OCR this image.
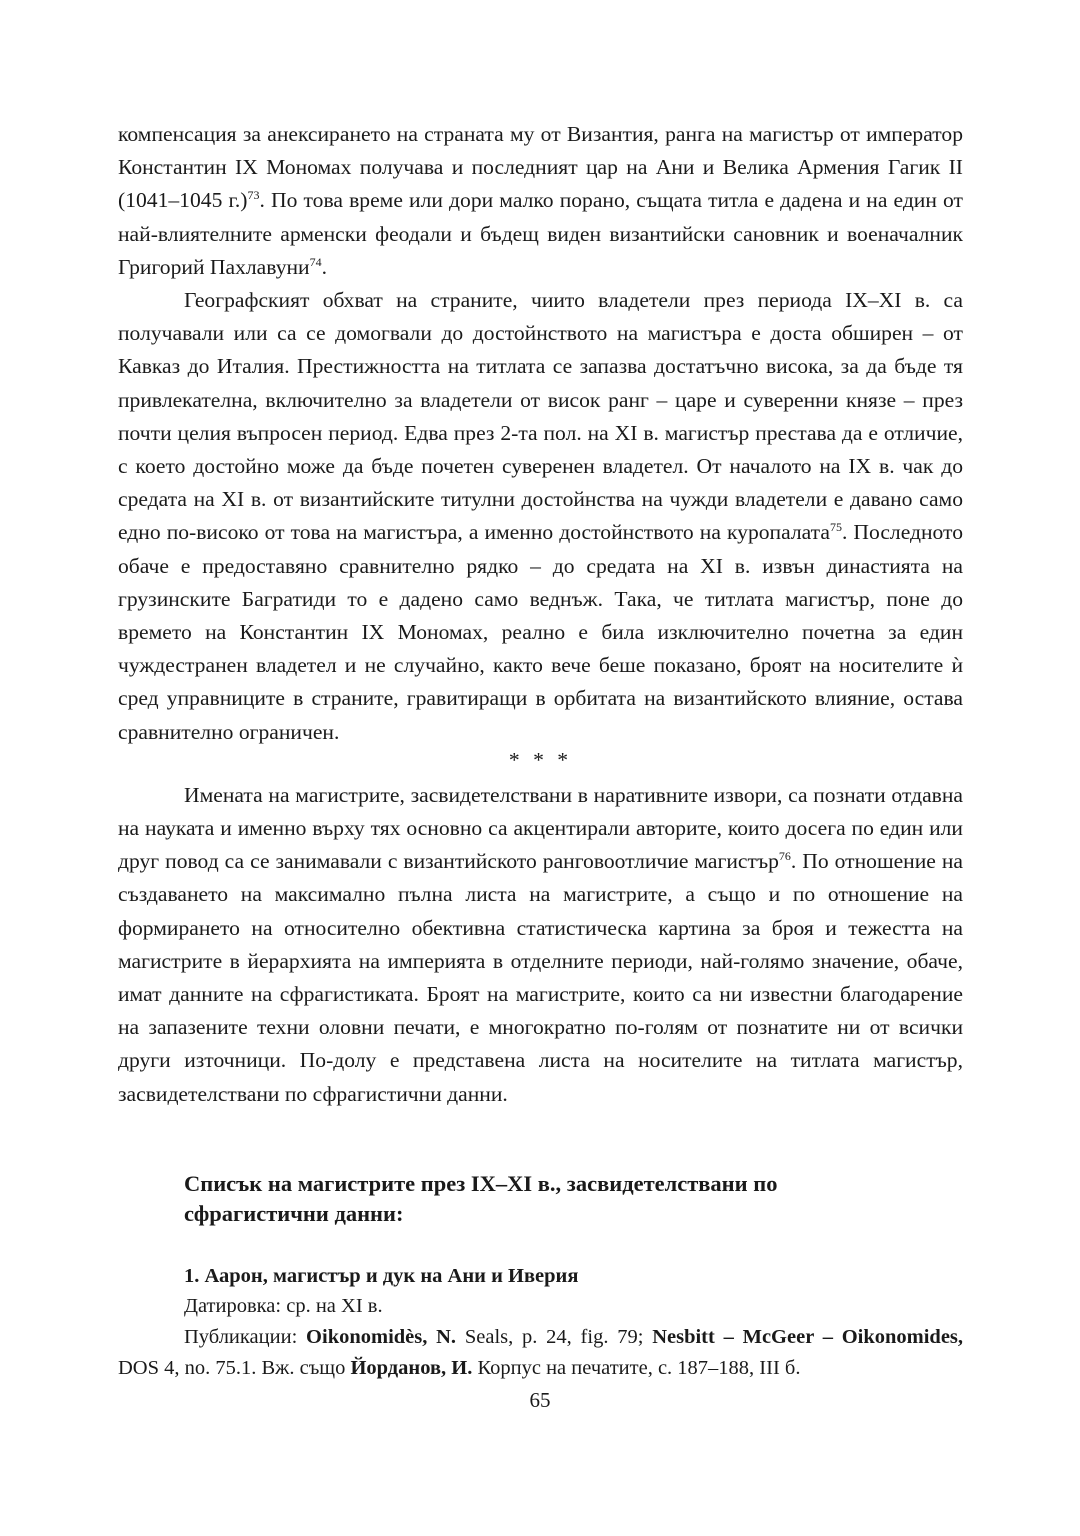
компенсация за анексирането на страната му от Византия, ранга на магистър от император Константин IX Мономах получава и последният цар на Ани и Велика Армения Гагик II (1041–1045 г.)$^{73}$. По това време или дори малко порано, същата титла е дадена и на един от най-влиятелните арменски феодали и бъдещ виден византийски сановник и военачалник Григорий Пахлавуни$^{74}$.

Географският обхват на страните, чиито владетели през периода IX–XI в. са получавали или са се домогвали до достойнството на магистъра е доста обширен – от Кавказ до Италия. Престижността на титлата се запазва достатъчно висока, за да бъде тя привлекателна, включително за владетели от висок ранг – царе и суверенни князе – през почти целия въпросен период. Едва през 2-та пол. на XI в. магистър престава да е отличие, с което достойно може да бъде почетен суверенен владетел. От началото на IX в. чак до средата на XI в. от византийските титулни достойнства на чужди владетели е давано само едно по-високо от това на магистъра, а именно достойнството на куропалата$^{75}$. Последното обаче е предоставяно сравнително рядко – до средата на XI в. извън династията на грузинските Багратиди то е дадено само веднъж. Така, че титлата магистър, поне до времето на Константин IX Мономах, реално е била изключително почетна за един чуждестранен владетел и не случайно, както вече беше показано, броят на носителите ѝ сред управниците в страните, гравитиращи в орбитата на византийското влияние, остава сравнително ограничен.

* * *

Имената на магистрите, засвидетелствани в наративните извори, са познати отдавна на науката и именно върху тях основно са акцентирали авторите, които досега по един или друг повод са се занимавали с византийското ранговоотличие магистър$^{76}$. По отношение на създаването на максимално пълна листа на магистрите, а също и по отношение на формирането на относително обективна статистическа картина за броя и тежестта на магистрите в йерархията на империята в отделните периоди, най-голямо значение, обаче, имат данните на сфрагистиката. Броят на магистрите, които са ни известни благодарение на запазените техни оловни печати, е многократно по-голям от познатите ни от всички други източници. По-долу е представена листа на носителите на титлата магистър, засвидетелствани по сфрагистични данни.

Списък на магистрите през IX–XI в., засвидетелствани по сфрагистични данни:
1. Аарон, магистър и дук на Ани и Иверия

Датировка: ср. на XI в.

Публикации: Oikonomidès, N. Seals, p. 24, fig. 79; Nesbitt – McGeer – Oikonomides, DOS 4, no. 75.1. Вж. също Йорданов, И. Корпус на печатите, с. 187–188, III б.

65
